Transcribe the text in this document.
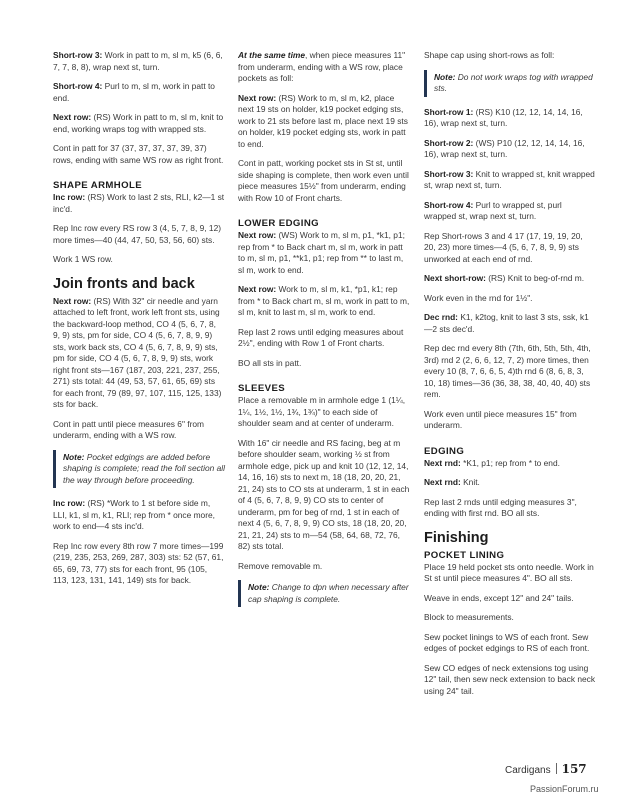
Short-row 3: Work in patt to m, sl m, k5 (6, 6, 7, 7, 8, 8), wrap next st, turn.

Short-row 4: Purl to m, sl m, work in patt to end.

Next row: (RS) Work in patt to m, sl m, knit to end, working wraps tog with wrapped sts.

Cont in patt for 37 (37, 37, 37, 37, 39, 37) rows, ending with same WS row as right front.

SHAPE ARMHOLE

Inc row: (RS) Work to last 2 sts, RLI, k2—1 st inc'd.

Rep Inc row every RS row 3 (4, 5, 7, 8, 9, 12) more times—40 (44, 47, 50, 53, 56, 60) sts.

Work 1 WS row.

Join fronts and back

Next row: (RS) With 32" cir needle and yarn attached to left front, work left front sts, using the backward-loop method, CO 4 (5, 6, 7, 8, 9, 9) sts, pm for side, CO 4 (5, 6, 7, 8, 9, 9) sts, work back sts, CO 4 (5, 6, 7, 8, 9, 9) sts, pm for side, CO 4 (5, 6, 7, 8, 9, 9) sts, work right front sts—167 (187, 203, 221, 237, 255, 271) sts total: 44 (49, 53, 57, 61, 65, 69) sts for each front, 79 (89, 97, 107, 115, 125, 133) sts for back.

Cont in patt until piece measures 6" from underarm, ending with a WS row.

Note: Pocket edgings are added before shaping is complete; read the foll section all the way through before proceeding.

Inc row: (RS) *Work to 1 st before side m, LLI, k1, sl m, k1, RLI; rep from * once more, work to end—4 sts inc'd.

Rep Inc row every 8th row 7 more times—199 (219, 235, 253, 269, 287, 303) sts: 52 (57, 61, 65, 69, 73, 77) sts for each front, 95 (105, 113, 123, 131, 141, 149) sts for back.

At the same time, when piece measures 11" from underarm, ending with a WS row, place pockets as foll:

Next row: (RS) Work to m, sl m, k2, place next 19 sts on holder, k19 pocket edging sts, work to 21 sts before last m, place next 19 sts on holder, k19 pocket edging sts, work in patt to end.

Cont in patt, working pocket sts in St st, until side shaping is complete, then work even until piece measures 15½" from underarm, ending with Row 10 of Front charts.

LOWER EDGING

Next row: (WS) Work to m, sl m, p1, *k1, p1; rep from * to Back chart m, sl m, work in patt to m, sl m, p1, **k1, p1; rep from ** to last m, sl m, work to end.

Next row: Work to m, sl m, k1, *p1, k1; rep from * to Back chart m, sl m, work in patt to m, sl m, knit to last m, sl m, work to end.

Rep last 2 rows until edging measures about 2½", ending with Row 1 of Front charts.

BO all sts in patt.

SLEEVES

Place a removable m in armhole edge 1 (1¼, 1¼, 1½, 1½, 1¾, 1¾)" to each side of shoulder seam and at center of underarm.

With 16" cir needle and RS facing, beg at m before shoulder seam, working ½ st from armhole edge, pick up and knit 10 (12, 12, 14, 14, 16, 16) sts to next m, 18 (18, 20, 20, 21, 21, 24) sts to CO sts at underarm, 1 st in each of 4 (5, 6, 7, 8, 9, 9) CO sts to center of underarm, pm for beg of rnd, 1 st in each of next 4 (5, 6, 7, 8, 9, 9) CO sts, 18 (18, 20, 20, 21, 21, 24) sts to m—54 (58, 64, 68, 72, 76, 82) sts total.

Remove removable m.

Note: Change to dpn when necessary after cap shaping is complete.

Shape cap using short-rows as foll:

Note: Do not work wraps tog with wrapped sts.

Short-row 1: (RS) K10 (12, 12, 14, 14, 16, 16), wrap next st, turn.

Short-row 2: (WS) P10 (12, 12, 14, 14, 16, 16), wrap next st, turn.

Short-row 3: Knit to wrapped st, knit wrapped st, wrap next st, turn.

Short-row 4: Purl to wrapped st, purl wrapped st, wrap next st, turn.

Rep Short-rows 3 and 4 17 (17, 19, 19, 20, 20, 23) more times—4 (5, 6, 7, 8, 9, 9) sts unworked at each end of rnd.

Next short-row: (RS) Knit to beg-of-rnd m.

Work even in the rnd for 1½".

Dec rnd: K1, k2tog, knit to last 3 sts, ssk, k1—2 sts dec'd.

Rep dec rnd every 8th (7th, 6th, 5th, 5th, 4th, 3rd) rnd 2 (2, 6, 6, 12, 7, 2) more times, then every 10 (8, 7, 6, 6, 5, 4)th rnd 6 (8, 6, 8, 3, 10, 18) times—36 (36, 38, 38, 40, 40, 40) sts rem.

Work even until piece measures 15" from underarm.

EDGING

Next rnd: *K1, p1; rep from * to end.

Next rnd: Knit.

Rep last 2 rnds until edging measures 3", ending with first rnd. BO all sts.

Finishing
POCKET LINING

Place 19 held pocket sts onto needle. Work in St st until piece measures 4". BO all sts.

Weave in ends, except 12" and 24" tails.

Block to measurements.

Sew pocket linings to WS of each front. Sew edges of pocket edgings to RS of each front.

Sew CO edges of neck extensions tog using 12" tail, then sew neck extension to back neck using 24" tail.

Cardigans 157
PassionForum.ru
